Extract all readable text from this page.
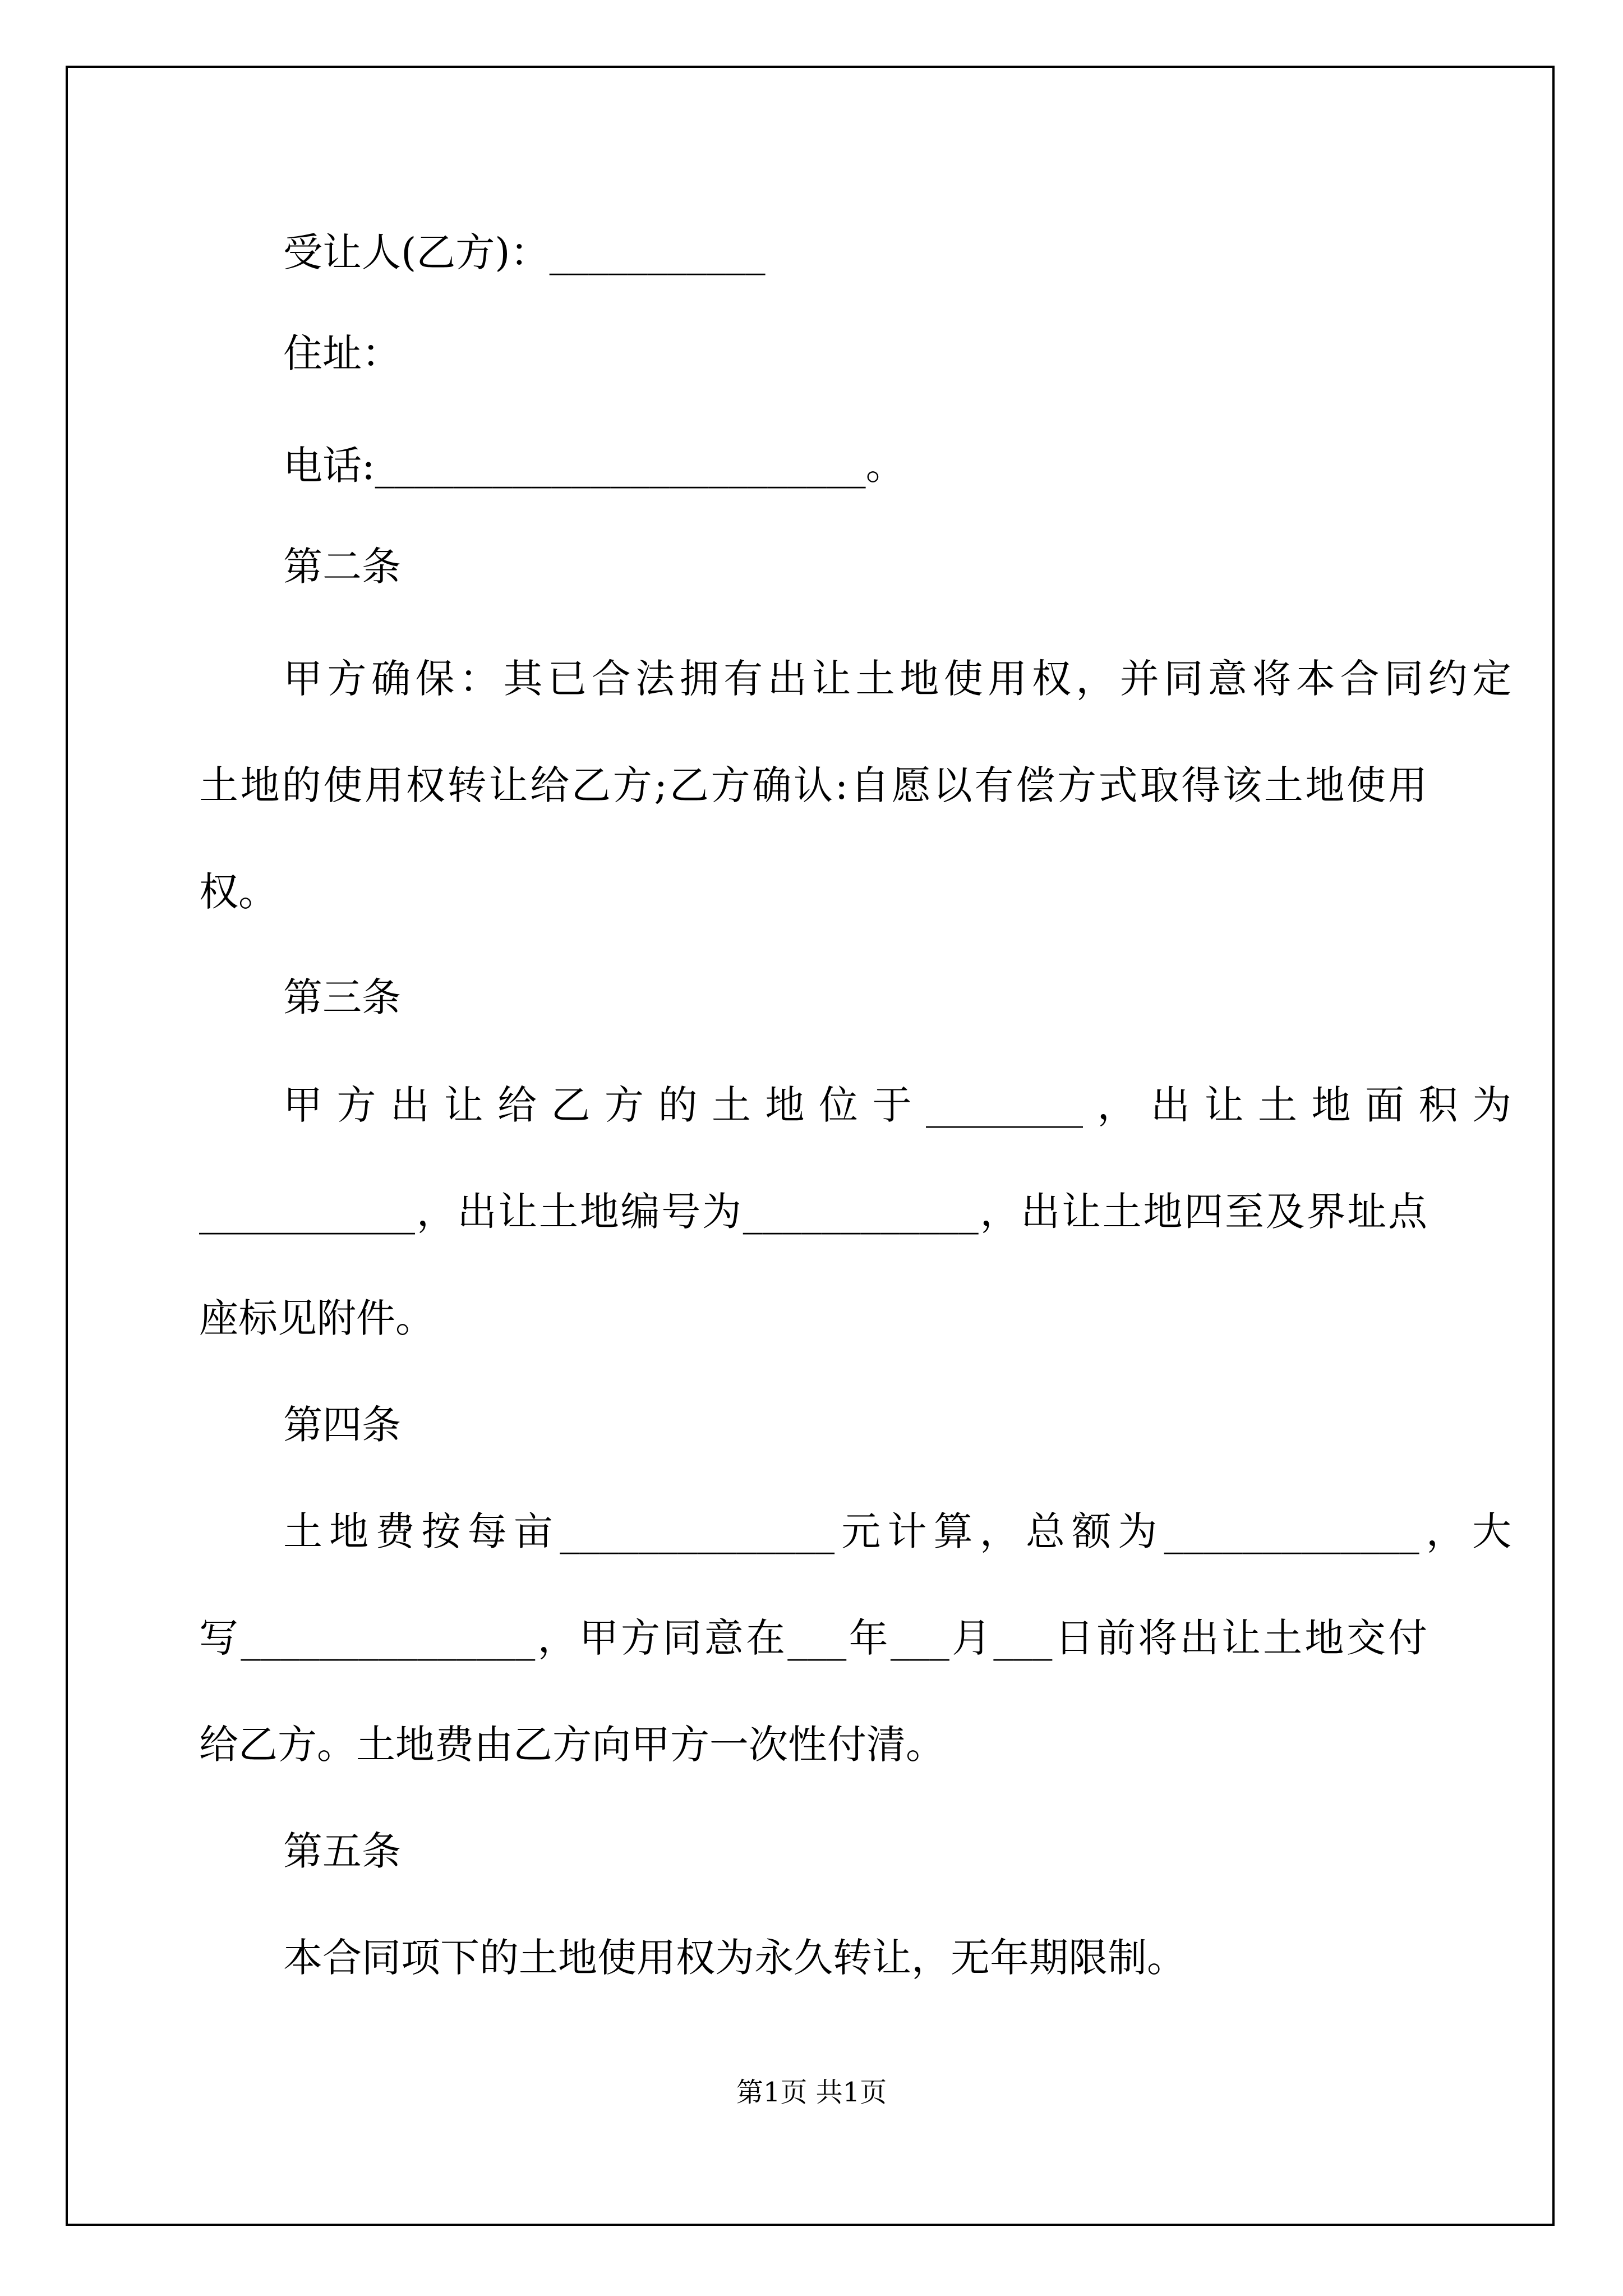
受让人(乙方)：___________

住址：

电话:_________________________。

第二条

甲方确保：其已合法拥有出让土地使用权，并同意将本合同约定

土地的使用权转让给乙方;乙方确认:自愿以有偿方式取得该土地使用

权。

第三条

甲方出让给乙方的土地位于________，出让土地面积为

___________，出让土地编号为____________，出让土地四至及界址点

座标见附件。

第四条

土地费按每亩______________元计算，总额为_____________，大

写_______________，甲方同意在___年___月___日前将出让土地交付

给乙方。土地费由乙方向甲方一次性付清。

第五条

本合同项下的土地使用权为永久转让，无年期限制。

第1页 共1页
